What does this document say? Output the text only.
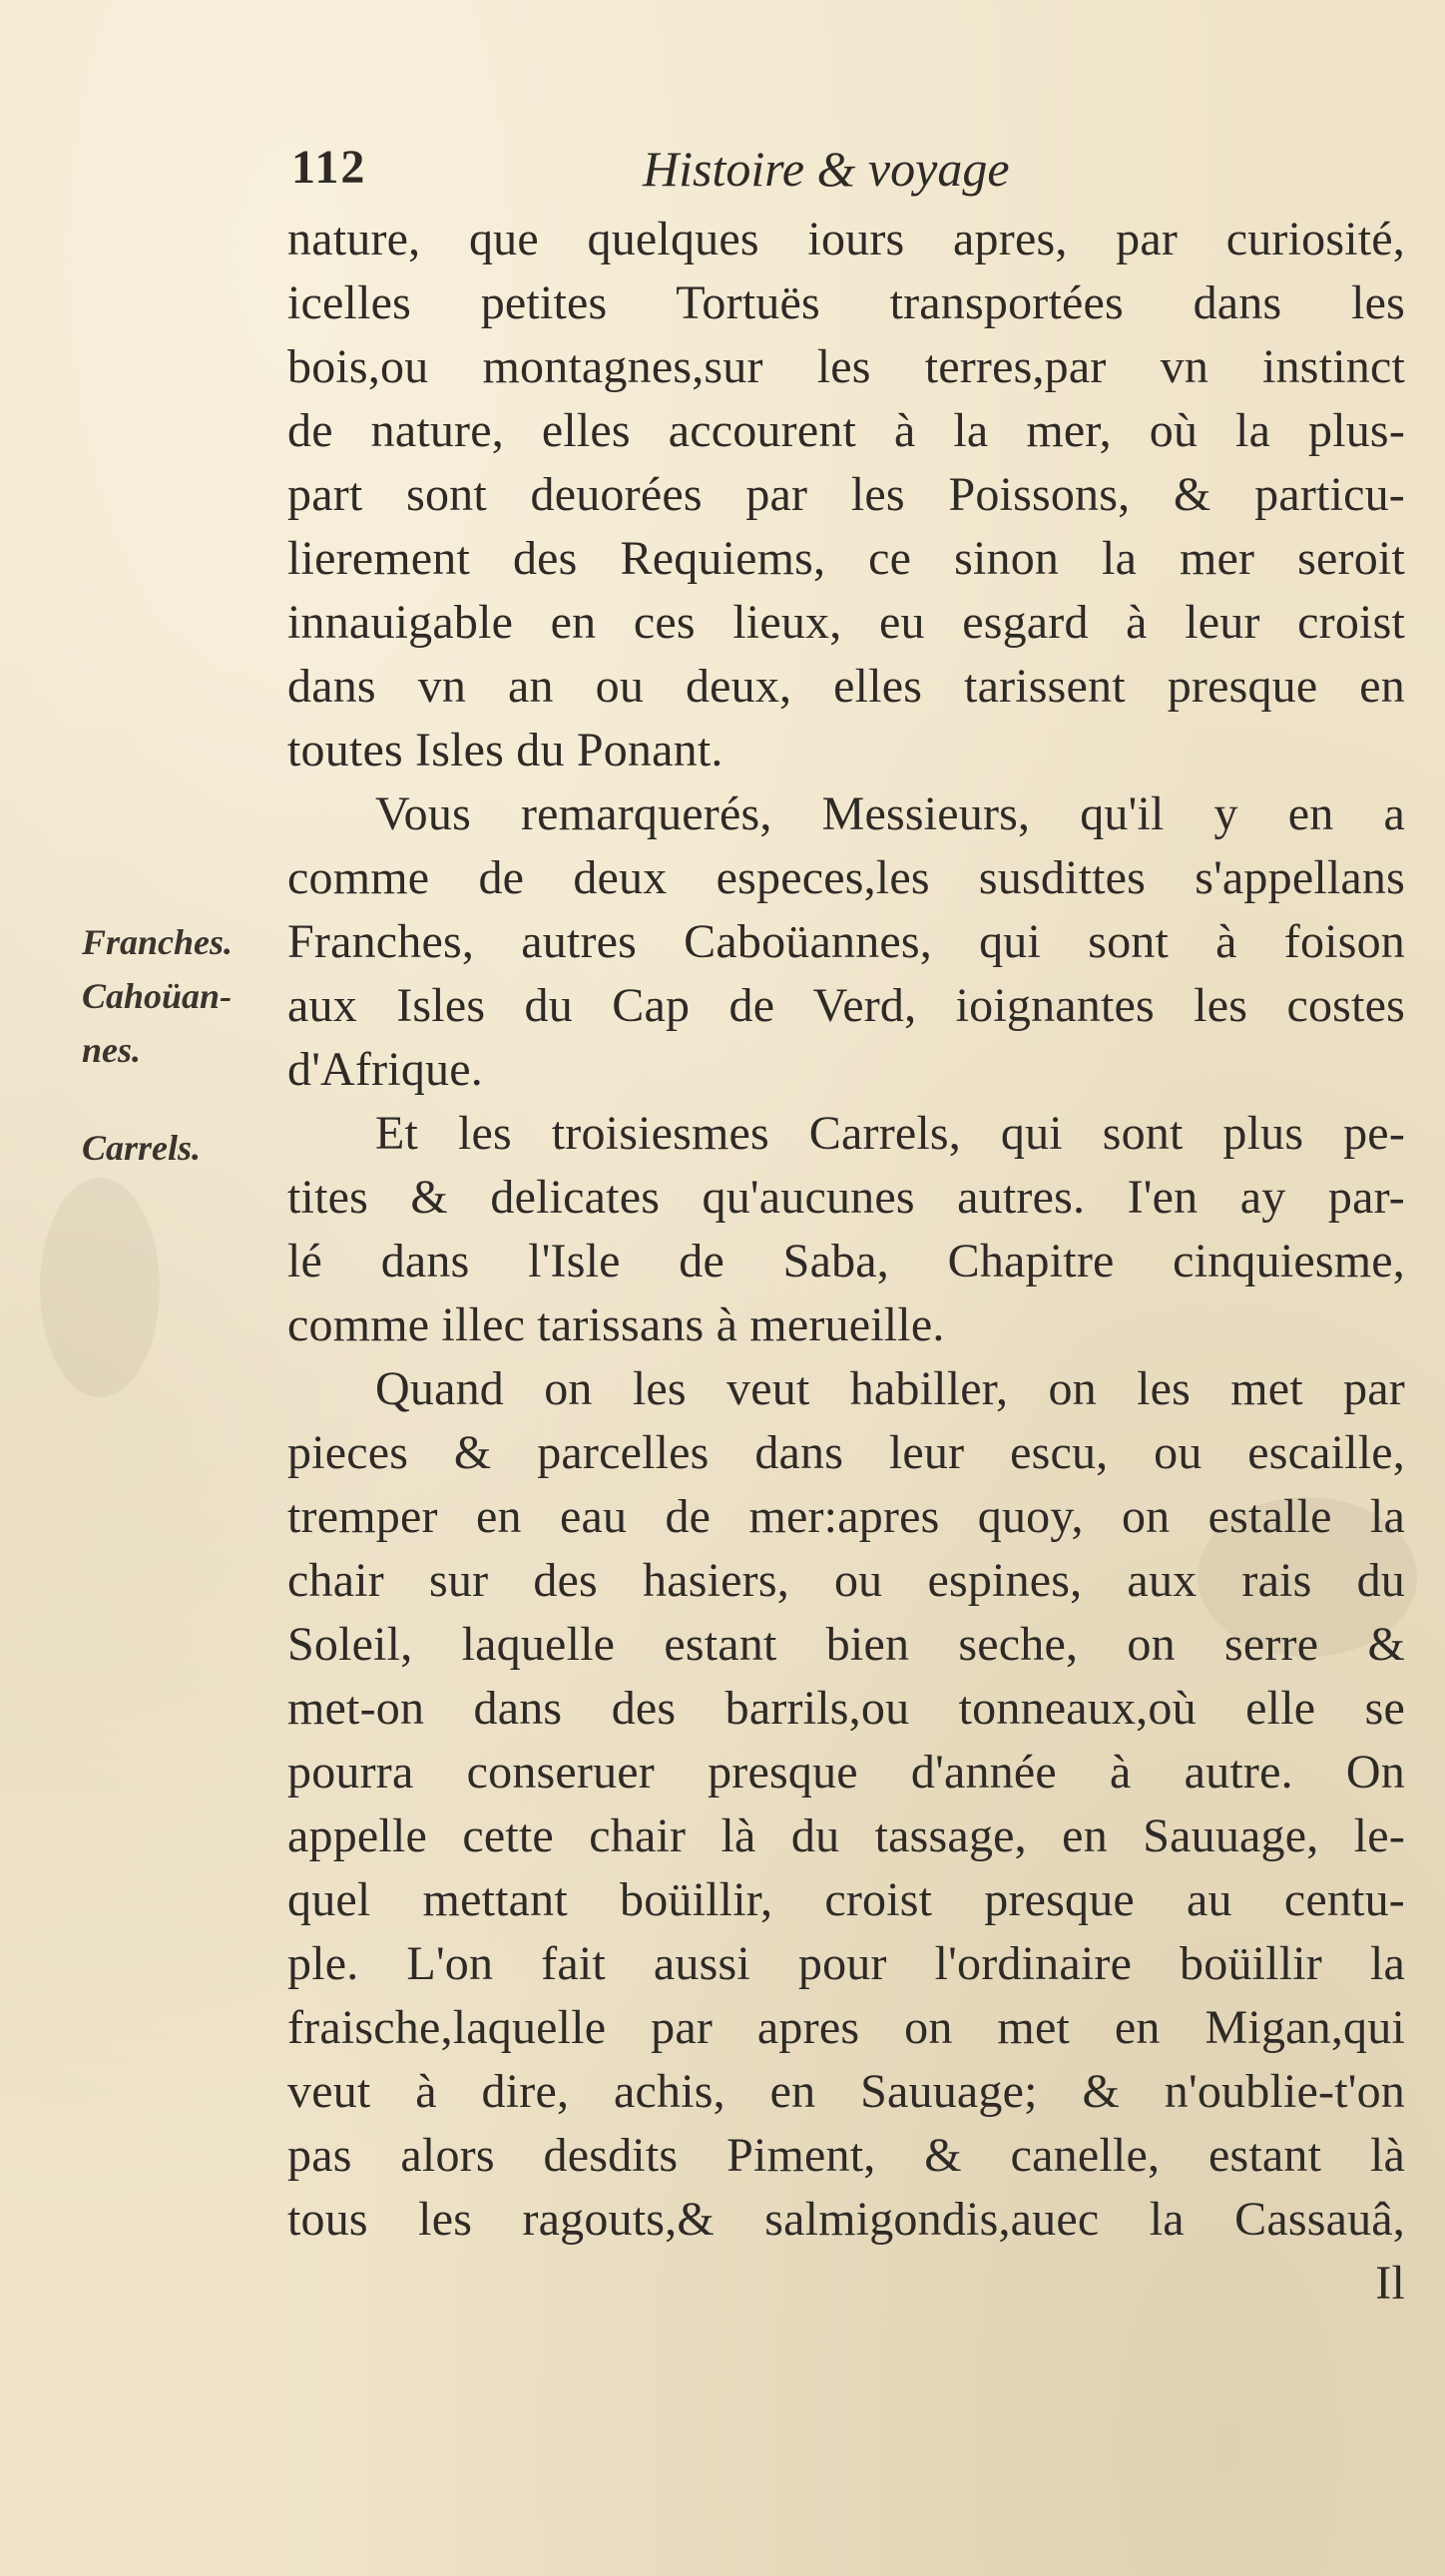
112	Histoire & voyage
Franches.
Cahoüan-
nes.
Carrels.
nature, que quelques iours apres, par curiosité,
icelles petites Tortuës transportées dans les
bois,ou montagnes,sur les terres,par vn instinct
de nature, elles accourent à la mer, où la plus-
part sont deuorées par les Poissons, & particu-
lierement des Requiems, ce sinon la mer seroit
innauigable en ces lieux, eu esgard à leur croist
dans vn an ou deux, elles tarissent presque en
toutes Isles du Ponant.
Vous remarquerés, Messieurs, qu'il y en a
comme de deux especes,les susdittes s'appellans
Franches, autres Caboüannes, qui sont à foison
aux Isles du Cap de Verd, ioignantes les costes
d'Afrique.
Et les troisiesmes Carrels, qui sont plus pe-
tites & delicates qu'aucunes autres. I'en ay par-
lé dans l'Isle de Saba, Chapitre cinquiesme,
comme illec tarissans à merueille.
Quand on les veut habiller, on les met par
pieces & parcelles dans leur escu, ou escaille,
tremper en eau de mer:apres quoy, on estalle la
chair sur des hasiers, ou espines, aux rais du
Soleil, laquelle estant bien seche, on serre &
met-on dans des barrils,ou tonneaux,où elle se
pourra conseruer presque d'année à autre. On
appelle cette chair là du tassage, en Sauuage, le-
quel mettant boüillir, croist presque au centu-
ple. L'on fait aussi pour l'ordinaire boüillir la
fraische,laquelle par apres on met en Migan,qui
veut à dire, achis, en Sauuage; & n'oublie-t'on
pas alors desdits Piment, & canelle, estant là
tous les ragouts,& salmigondis,auec la Cassauâ,
Il
